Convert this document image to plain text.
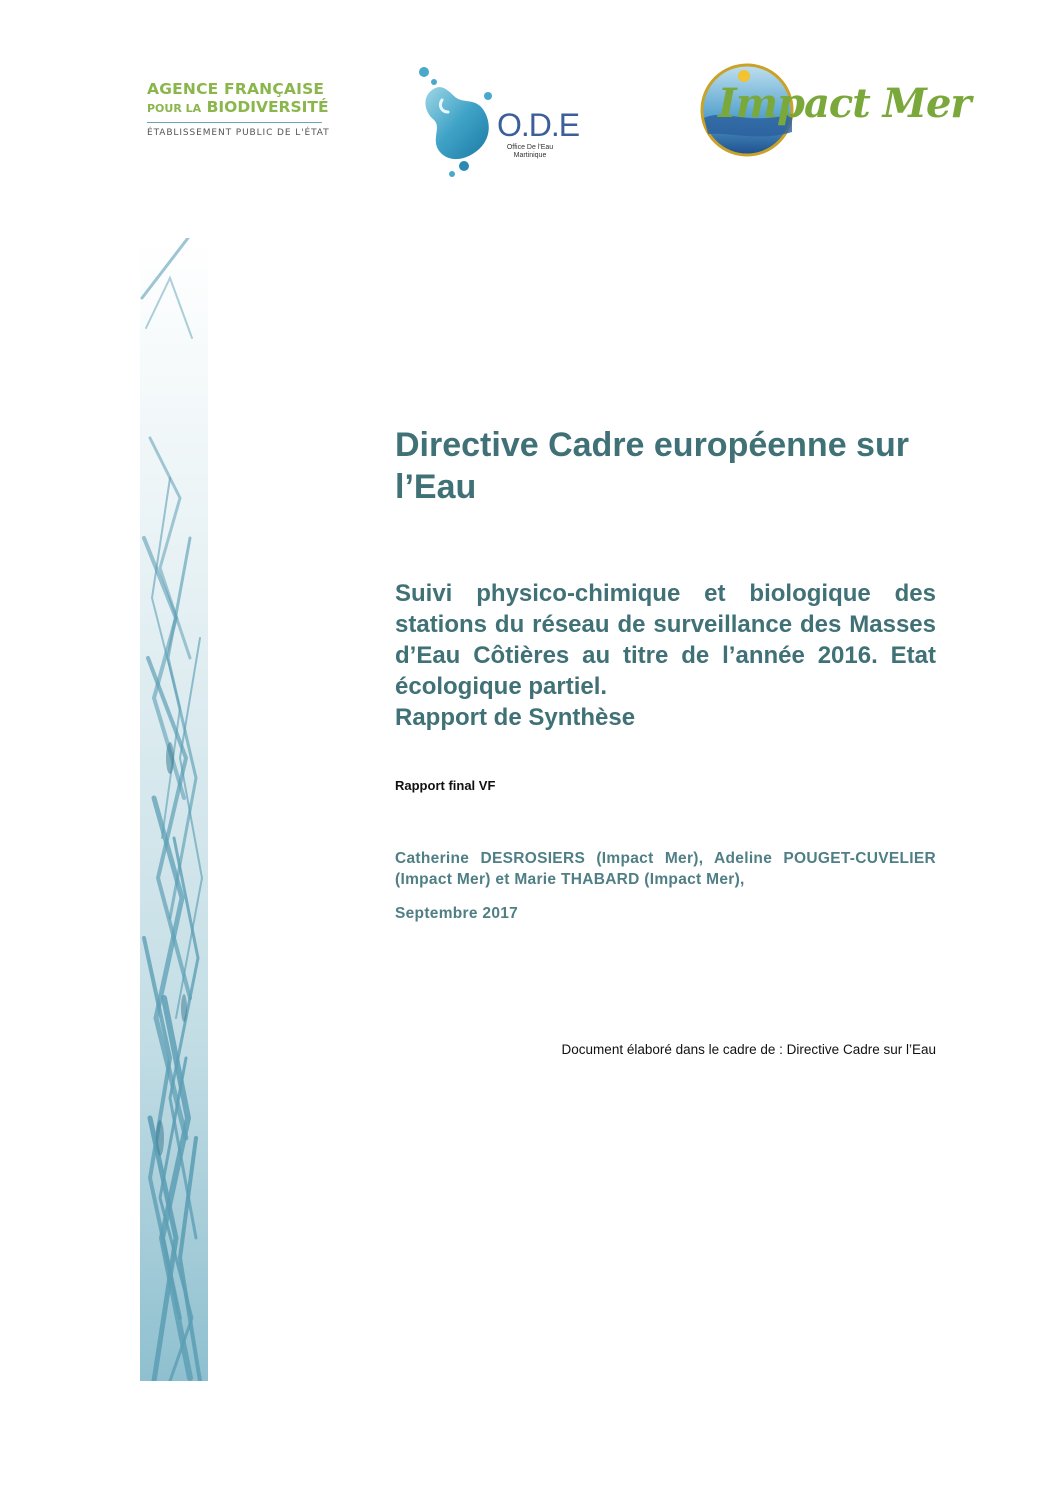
AGENCE FRANÇAISE
POUR LA BIODIVERSITÉ
ÉTABLISSEMENT PUBLIC DE L'ÉTAT	O.D.E
Office De l'Eau
Martinique
Impact Mer
Directive Cadre européenne sur l’Eau
Suivi physico-chimique et biologique des stations du réseau de surveillance des Masses d’Eau Côtières au titre de l’année 2016. Etat écologique partiel.
Rapport de Synthèse
Rapport final VF
Catherine DESROSIERS (Impact Mer), Adeline POUGET-CUVELIER (Impact Mer) et Marie THABARD (Impact Mer),
Septembre 2017
Document élaboré dans le cadre de : Directive Cadre sur l’Eau
